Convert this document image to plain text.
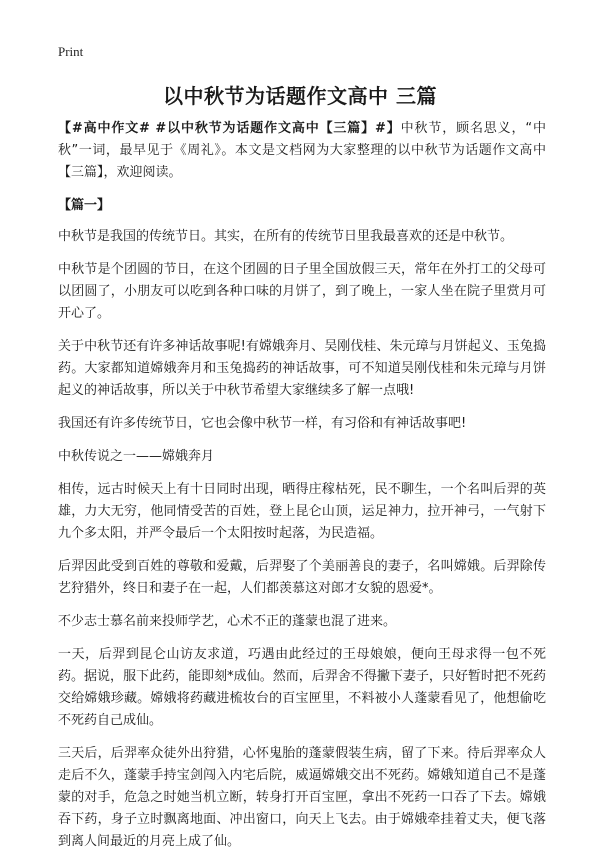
Print
以中秋节为话题作文高中 三篇

【#高中作文# #以中秋节为话题作文高中【三篇】#】中秋节，顾名思义，“中秋”一词，最早见于《周礼》。本文是文档网为大家整理的以中秋节为话题作文高中【三篇】，欢迎阅读。

【篇一】

中秋节是我国的传统节日。其实，在所有的传统节日里我最喜欢的还是中秋节。

中秋节是个团圆的节日，在这个团圆的日子里全国放假三天，常年在外打工的父母可以团圆了，小朋友可以吃到各种口味的月饼了，到了晚上，一家人坐在院子里赏月可开心了。

关于中秋节还有许多神话故事呢!有嫦娥奔月、吴刚伐桂、朱元璋与月饼起义、玉兔捣药。大家都知道嫦娥奔月和玉兔捣药的神话故事，可不知道吴刚伐桂和朱元璋与月饼起义的神话故事，所以关于中秋节希望大家继续多了解一点哦!

我国还有许多传统节日，它也会像中秋节一样，有习俗和有神话故事吧!

中秋传说之一——嫦娥奔月

相传，远古时候天上有十日同时出现，晒得庄稼枯死，民不聊生，一个名叫后羿的英雄，力大无穷，他同情受苦的百姓，登上昆仑山顶，运足神力，拉开神弓，一气射下九个多太阳，并严令最后一个太阳按时起落，为民造福。

后羿因此受到百姓的尊敬和爱戴，后羿娶了个美丽善良的妻子，名叫嫦娥。后羿除传艺狩猎外，终日和妻子在一起，人们都羡慕这对郎才女貌的恩爱*。

不少志士慕名前来投师学艺，心术不正的蓬蒙也混了进来。

一天，后羿到昆仑山访友求道，巧遇由此经过的王母娘娘，便向王母求得一包不死药。据说，服下此药，能即刻*成仙。然而，后羿舍不得撇下妻子，只好暂时把不死药交给嫦娥珍藏。嫦娥将药藏进梳妆台的百宝匣里，不料被小人蓬蒙看见了，他想偷吃不死药自己成仙。

三天后，后羿率众徒外出狩猎，心怀鬼胎的蓬蒙假装生病，留了下来。待后羿率众人走后不久，蓬蒙手持宝剑闯入内宅后院，威逼嫦娥交出不死药。嫦娥知道自己不是蓬蒙的对手，危急之时她当机立断，转身打开百宝匣，拿出不死药一口吞了下去。嫦娥吞下药，身子立时飘离地面、冲出窗口，向天上飞去。由于嫦娥牵挂着丈夫，便飞落到离人间最近的月亮上成了仙。
